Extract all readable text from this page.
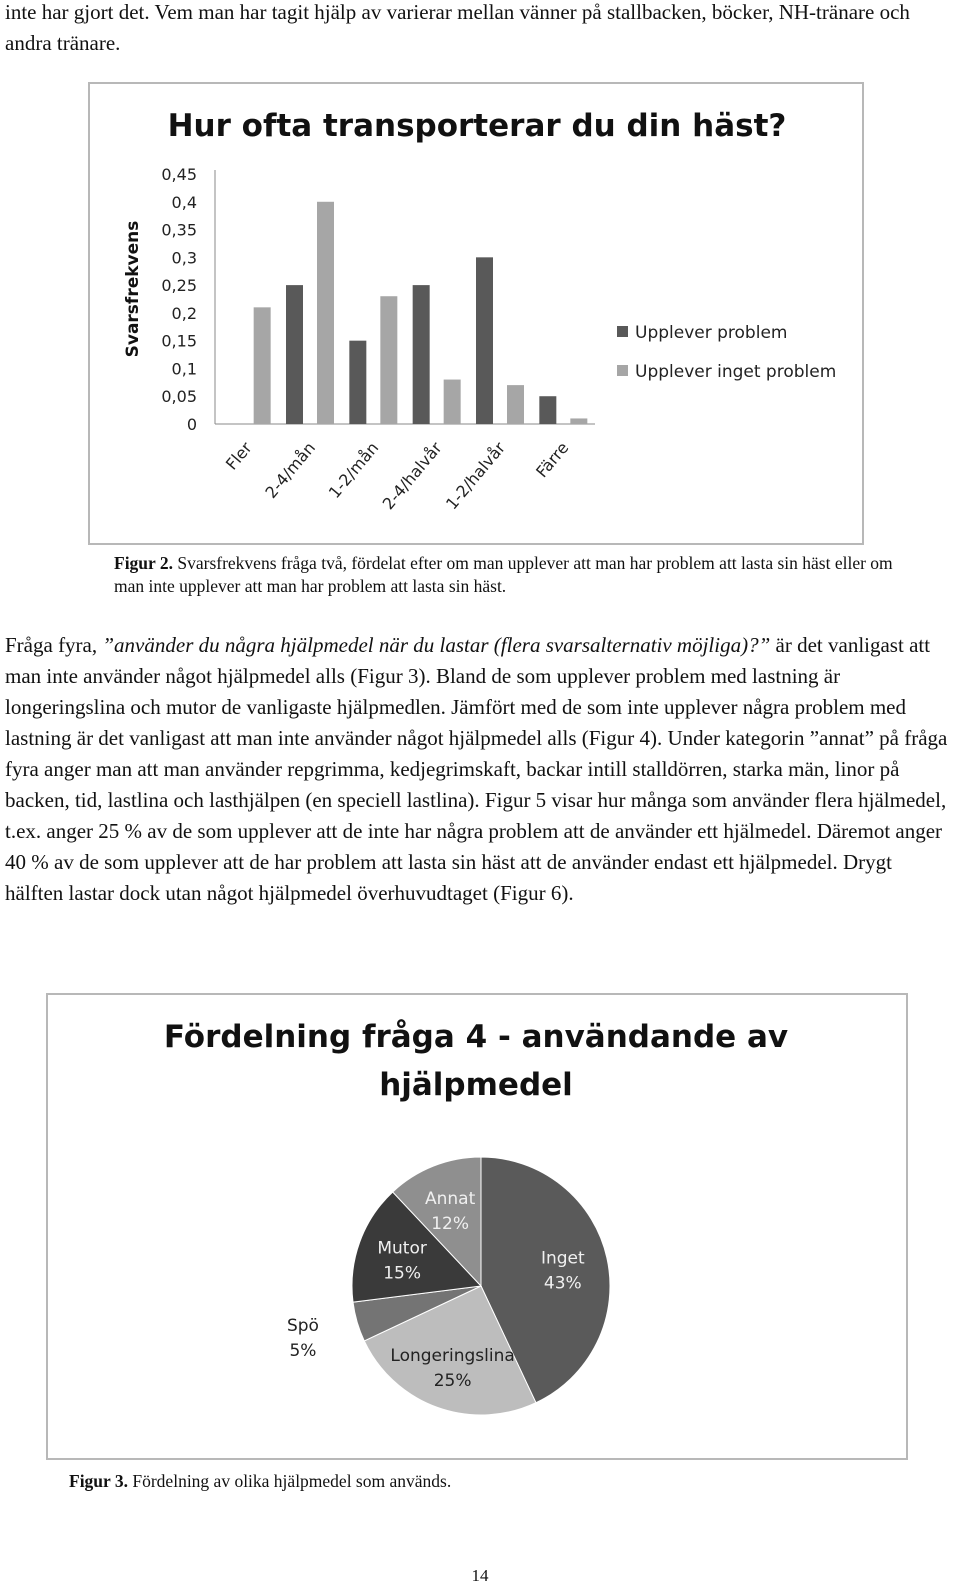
inte har gjort det. Vem man har tagit hjälp av varierar mellan vänner på stallbacken, böcker, NH-tränare och andra tränare.

Hur ofta transporterar du din häst?
Svarsfrekvens
0
0,05
0,1
0,15
0,2
0,25
0,3
0,35
0,4
0,45
Fler 2-4/mån 1-2/mån
2-4/halvår
1-2/halvår Färre
Upplever problem
Upplever inget problem

Figur 2. Svarsfrekvens fråga två, fördelat efter om man upplever att man har problem att lasta sin häst eller om man inte upplever att man har problem att lasta sin häst.

Fråga fyra, ”använder du några hjälpmedel när du lastar (flera svarsalternativ möjliga)?” är det vanligast att man inte använder något hjälpmedel alls (Figur 3). Bland de som upplever problem med lastning är longeringslina och mutor de vanligaste hjälpmedlen. Jämfört med de som inte upplever några problem med lastning är det vanligast att man inte använder något hjälpmedel alls (Figur 4). Under kategorin ”annat” på fråga fyra anger man att man använder repgrimma, kedjegrimskaft, backar intill stalldörren, starka män, linor på backen, tid, lastlina och lasthjälpen (en speciell lastlina). Figur 5 visar hur många som använder flera hjälmedel, t.ex. anger 25 % av de som upplever att de inte har några problem att de använder ett hjälmedel. Däremot anger 40 % av de som upplever att de har problem att lasta sin häst att de använder endast ett hjälpmedel. Drygt hälften lastar dock utan något hjälpmedel överhuvudtaget (Figur 6).

Fördelning fråga 4 - användande av
hjälpmedel
Inget
43%
Longeringslina
25%
Spö
5%
Mutor
15%
Annat
12%

Figur 3. Fördelning av olika hjälpmedel som används.

14
